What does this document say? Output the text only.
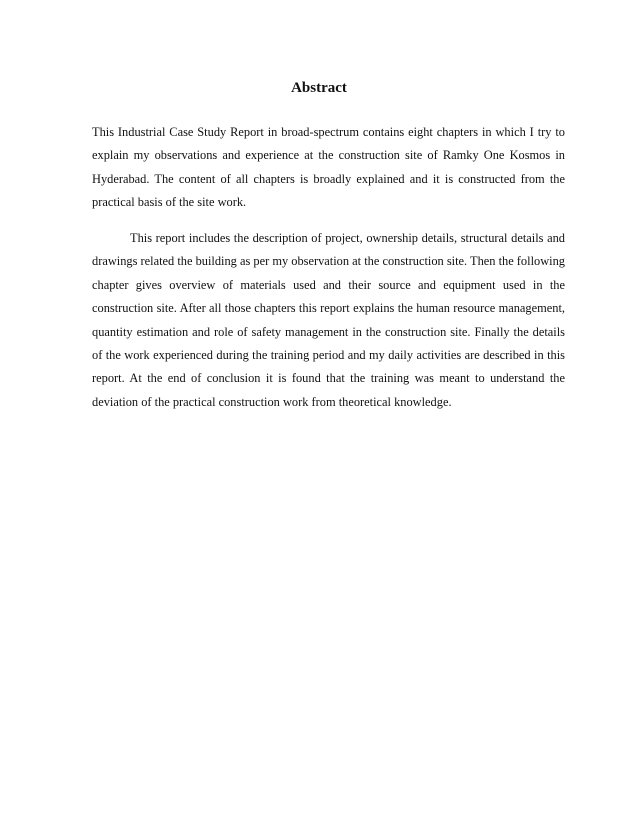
Abstract

This Industrial Case Study Report in broad-spectrum contains eight chapters in which I try to explain my observations and experience at the construction site of Ramky One Kosmos in Hyderabad. The content of all chapters is broadly explained and it is constructed from the practical basis of the site work.

This report includes the description of project, ownership details, structural details and drawings related the building as per my observation at the construction site. Then the following chapter gives overview of materials used and their source and equipment used in the construction site. After all those chapters this report explains the human resource management, quantity estimation and role of safety management in the construction site. Finally the details of the work experienced during the training period and my daily activities are described in this report. At the end of conclusion it is found that the training was meant to understand the deviation of the practical construction work from theoretical knowledge.
